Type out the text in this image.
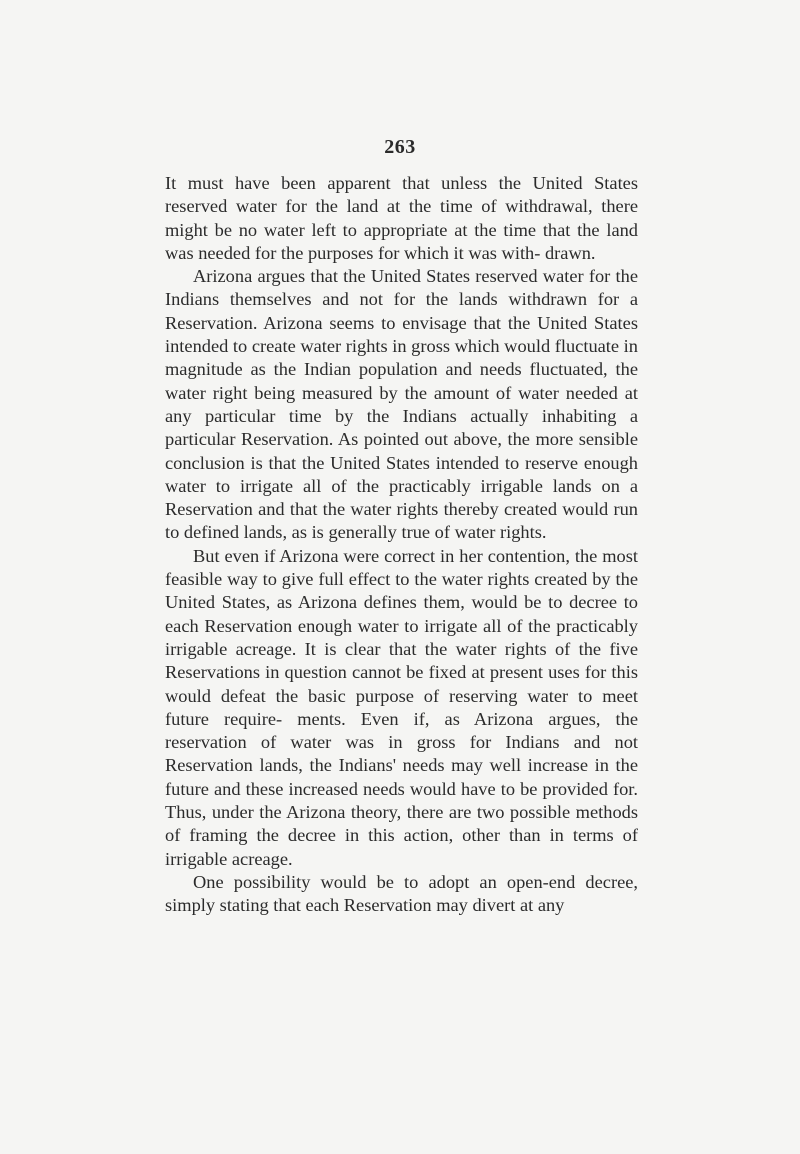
263

It must have been apparent that unless the United States reserved water for the land at the time of withdrawal, there might be no water left to appropriate at the time that the land was needed for the purposes for which it was with- drawn.

Arizona argues that the United States reserved water for the Indians themselves and not for the lands withdrawn for a Reservation. Arizona seems to envisage that the United States intended to create water rights in gross which would fluctuate in magnitude as the Indian population and needs fluctuated, the water right being measured by the amount of water needed at any particular time by the Indians actually inhabiting a particular Reservation. As pointed out above, the more sensible conclusion is that the United States intended to reserve enough water to irrigate all of the practicably irrigable lands on a Reservation and that the water rights thereby created would run to defined lands, as is generally true of water rights.

But even if Arizona were correct in her contention, the most feasible way to give full effect to the water rights created by the United States, as Arizona defines them, would be to decree to each Reservation enough water to irrigate all of the practicably irrigable acreage. It is clear that the water rights of the five Reservations in question cannot be fixed at present uses for this would defeat the basic purpose of reserving water to meet future require- ments. Even if, as Arizona argues, the reservation of water was in gross for Indians and not Reservation lands, the Indians' needs may well increase in the future and these increased needs would have to be provided for. Thus, under the Arizona theory, there are two possible methods of framing the decree in this action, other than in terms of irrigable acreage.

One possibility would be to adopt an open-end decree, simply stating that each Reservation may divert at any
